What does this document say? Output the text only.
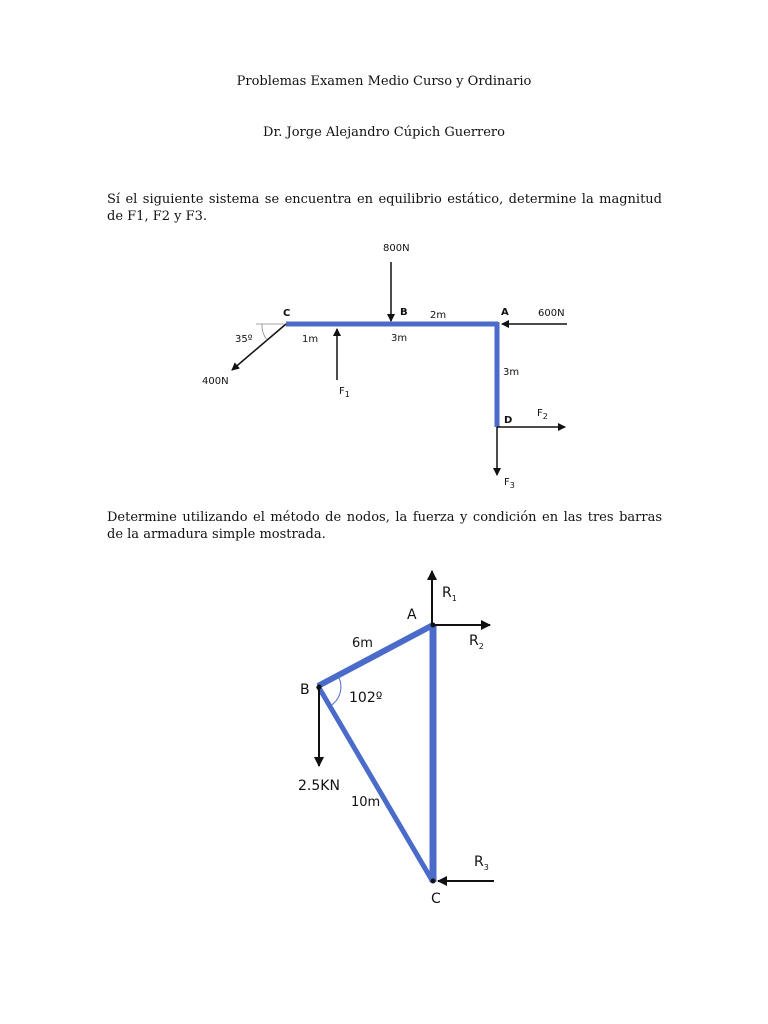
Problemas Examen Medio Curso y Ordinario
Dr. Jorge Alejandro Cúpich Guerrero
Sí el siguiente sistema se encuentra en equilibrio estático, determine la magnitud de F1, F2 y F3.
Determine utilizando el método de nodos, la fuerza y condición en las tres barras de la armadura simple mostrada.
800N
600N
400N
35º
$F_1$
$F_2$
$F_3$
C	B	A
D
1m	3m
2m
3m
$R_1$
$R_2$
$R_3$
2.5KN
102º
A
B
C
6m
10m
